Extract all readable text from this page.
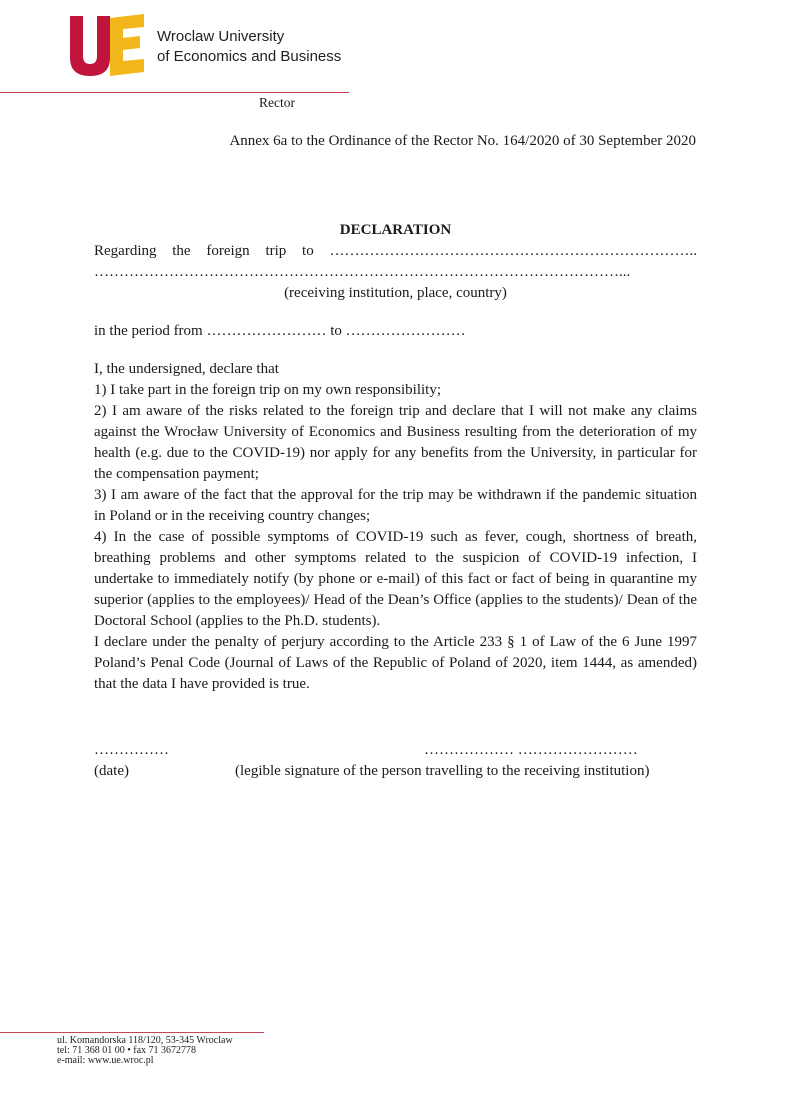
Wroclaw University
of Economics and Business
Rector
Annex 6a to the Ordinance of the Rector No. 164/2020 of 30 September 2020

DECLARATION

Regarding the foreign trip to ………………………………………………………………..

……………………………………………………………………………………………...

(receiving institution, place, country)

in the period from …………………… to ……………………

I, the undersigned, declare that

1) I take part in the foreign trip on my own responsibility;

2) I am aware of the risks related to the foreign trip and declare that I will not make any claims against the Wrocław University of Economics and Business resulting from the deterioration of my health (e.g. due to the COVID-19) nor apply for any benefits from the University, in particular for the compensation payment;

3) I am aware of the fact that the approval for the trip may be withdrawn if the pandemic situation in Poland or in the receiving country changes;

4) In the case of possible symptoms of COVID-19 such as fever, cough, shortness of breath, breathing problems and other symptoms related to the suspicion of COVID-19 infection, I undertake to immediately notify (by phone or e-mail) of this fact or fact of being in quarantine my superior (applies to the employees)/ Head of the Dean’s Office (applies to the students)/ Dean of the Doctoral School (applies to the Ph.D. students).

I declare under the penalty of perjury according to the Article 233 § 1 of Law of the 6 June 1997 Poland’s Penal Code (Journal of Laws of the Republic of Poland of 2020, item 1444, as amended) that the data I have provided is true.

……………	……………… ……………………
(date)	(legible signature of the person travelling to the receiving institution)
ul. Komandorska 118/120, 53-345 Wroclaw
tel: 71 368 01 00 • fax 71 3672778
e-mail: www.ue.wroc.pl
